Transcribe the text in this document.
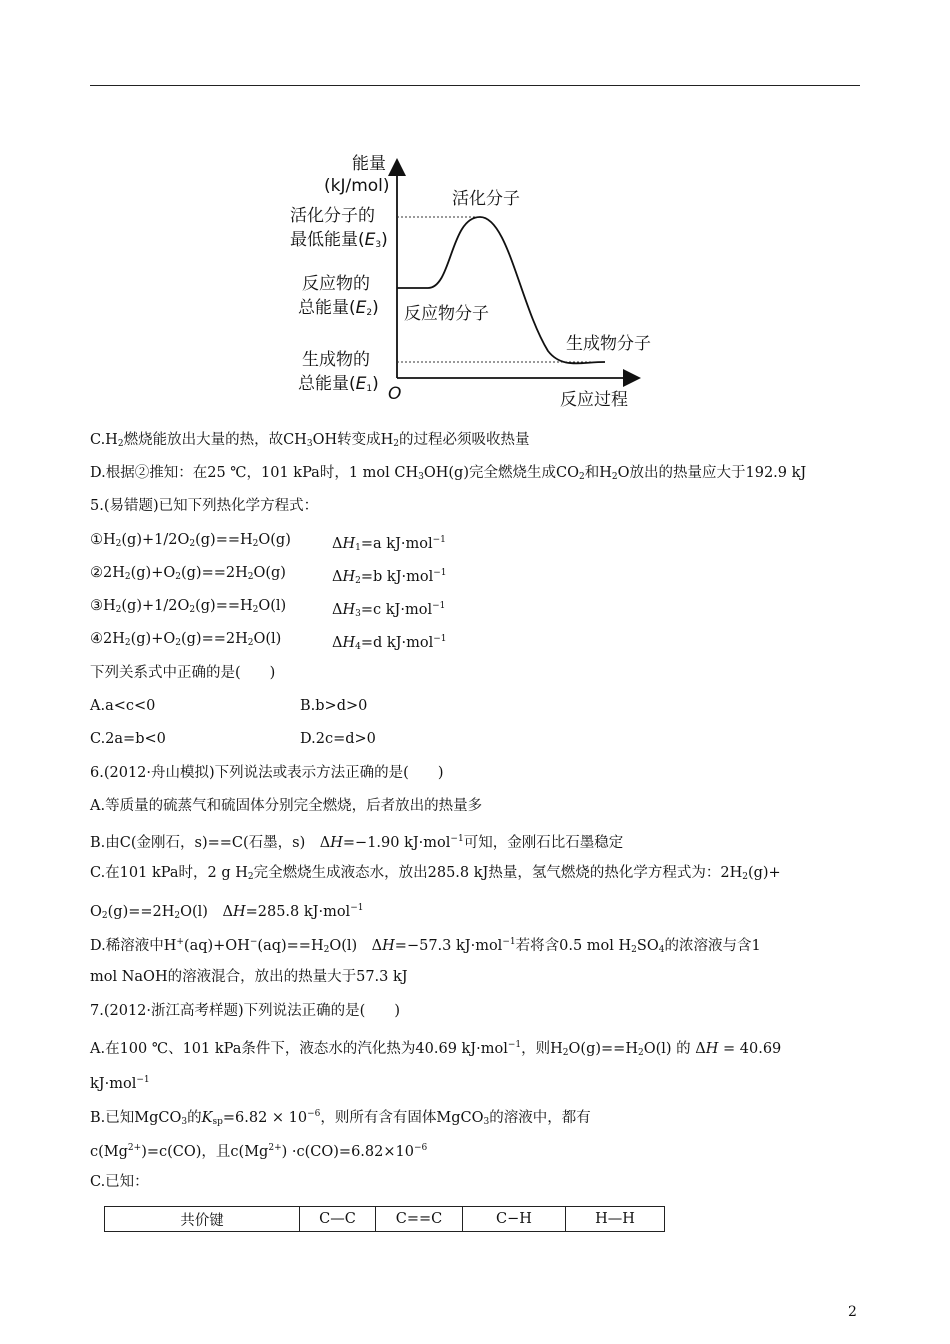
能量
(kJ/mol)
活化分子的
最低能量$(E_3)$
反应物的
总能量$(E_2)$
生成物的
总能量$(E_1)$ O	反应过程
活化分子
反应物分子
生成物分子
$C.H_2$燃烧能放出大量的热，故$CH_3OH$转变成$H_2$的过程必须吸收热量
D.根据②推知：在25 ℃，101 kPa时，1 mol $CH_3OH(g)$完全燃烧生成$CO_2$和$H_2O$放出的热量应大于192.9 kJ
5.(易错题)已知下列热化学方程式：
$①H_2(g)+1/2O_2(g)==H_2O(g)$	$\Delta H_1=a$ kJ·mol$^{-1}$
$②2H_2(g)+O_2(g)==2H_2O(g)$	$\Delta H_2=b$ kJ·mol$^{-1}$
$③H_2(g)+1/2O_2(g)==H_2O(l)$	$\Delta H_3=c$ kJ·mol$^{-1}$
$④2H_2(g)+O_2(g)==2H_2O(l)$	$\Delta H_4=d$ kJ·mol$^{-1}$
下列关系式中正确的是(　　)
A.a<c<0	B.b>d>0
C.2a=b<0	D.2c=d>0
6.(2012·舟山模拟)下列说法或表示方法正确的是(　　)
A.等质量的硫蒸气和硫固体分别完全燃烧，后者放出的热量多
B.由C(金刚石，s)==C(石墨，s)　ΔH=−1.90 kJ·mol$^{-1}$可知，金刚石比石墨稳定
C.在101 kPa时，2 g $H_2$完全燃烧生成液态水，放出285.8 kJ热量，氢气燃烧的热化学方程式为：$2H_2(g)+$
$O_2(g)==2H_2O(l)$　ΔH=285.8 kJ·mol$^{-1}$
D.稀溶液中$H^+(aq)+OH^-(aq)==H_2O(l)$　ΔH=−57.3 kJ·mol$^{-1}$若将含0.5 mol $H_2SO_4$的浓溶液与含1
mol NaOH的溶液混合，放出的热量大于57.3 kJ
7.(2012·浙江高考样题)下列说法正确的是(　　)
A.在100 ℃、101 kPa条件下，液态水的汽化热为40.69 kJ·mol$^{-1}$，则$H_2O(g)==H_2O(l)$ 的 ΔH = 40.69
kJ·mol$^{-1}$
B.已知MgCO$_3$的$K_{sp}=6.82 \times 10^{-6}$，则所有含有固体MgCO$_3$的溶液中，都有
$c(Mg^{2+})=c(CO)$，且$c(Mg^{2+}) \cdot c(CO)=6.82\times 10^{-6}$
C.已知：
共价键	C—C	C==C	C−H	H—H
2
